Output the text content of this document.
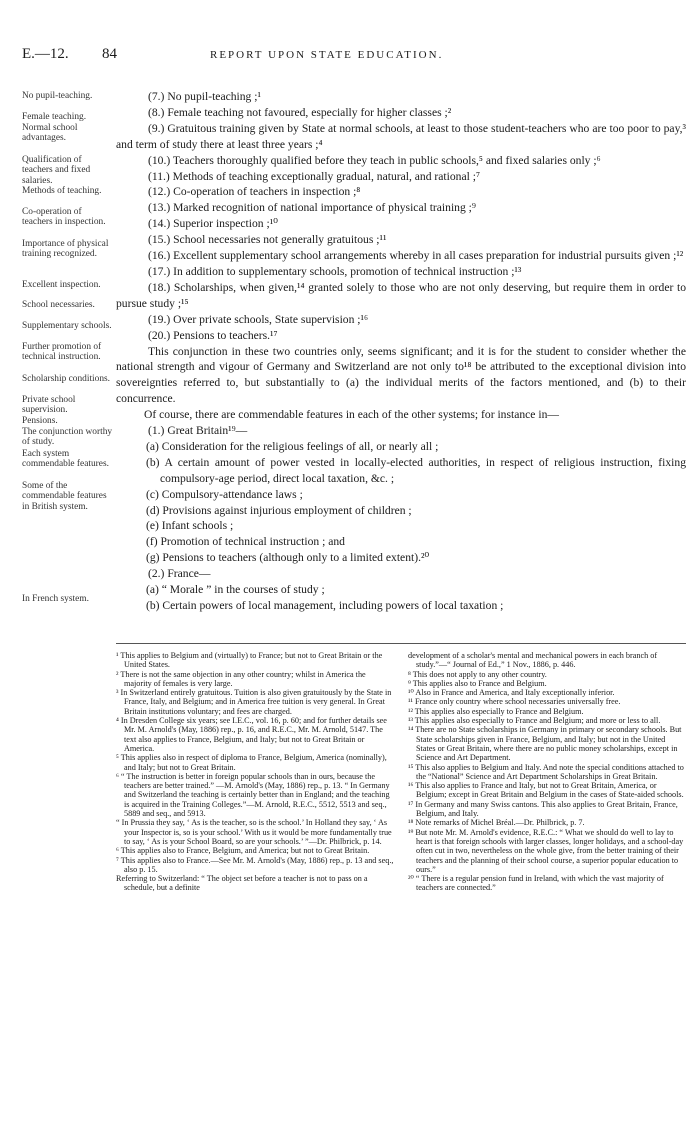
E.—12. 84	REPORT UPON STATE EDUCATION.
No pupil-teaching.
Female teaching.
Normal school advantages.
Qualification of teachers and fixed salaries.
Methods of teaching.
Co-operation of teachers in inspection.
Importance of physical training recognized.
Excellent inspection.
School necessaries.
Supplementary schools.
Further promotion of technical instruction.
Scholarship conditions.
Private school supervision.
Pensions.
The conjunction worthy of study.
Each system commendable features.
Some of the commendable features in British system.
In French system.

(7.) No pupil-teaching ;¹

(8.) Female teaching not favoured, especially for higher classes ;²

(9.) Gratuitous training given by State at normal schools, at least to those student-teachers who are too poor to pay,³ and term of study there at least three years ;⁴

(10.) Teachers thoroughly qualified before they teach in public schools,⁵ and fixed salaries only ;⁶

(11.) Methods of teaching exceptionally gradual, natural, and rational ;⁷

(12.) Co-operation of teachers in inspection ;⁸

(13.) Marked recognition of national importance of physical training ;⁹

(14.) Superior inspection ;¹⁰

(15.) School necessaries not generally gratuitous ;¹¹

(16.) Excellent supplementary school arrangements whereby in all cases preparation for industrial pursuits given ;¹²

(17.) In addition to supplementary schools, promotion of technical instruction ;¹³

(18.) Scholarships, when given,¹⁴ granted solely to those who are not only deserving, but require them in order to pursue study ;¹⁵

(19.) Over private schools, State supervision ;¹⁶

(20.) Pensions to teachers.¹⁷

This conjunction in these two countries only, seems significant; and it is for the student to consider whether the national strength and vigour of Germany and Switzerland are not only to¹⁸ be attributed to the exceptional division into sovereignties referred to, but substantially to (a) the individual merits of the factors mentioned, and (b) to their concurrence.

Of course, there are commendable features in each of the other systems; for instance in—

(1.) Great Britain¹⁹—

(a) Consideration for the religious feelings of all, or nearly all ;

(b) A certain amount of power vested in locally-elected authorities, in respect of religious instruction, fixing compulsory-age period, direct local taxation, &c. ;

(c) Compulsory-attendance laws ;

(d) Provisions against injurious employment of children ;

(e) Infant schools ;

(f) Promotion of technical instruction ; and

(g) Pensions to teachers (although only to a limited extent).²⁰

(2.) France—

(a) “ Morale ” in the courses of study ;

(b) Certain powers of local management, including powers of local taxation ;

¹ This applies to Belgium and (virtually) to France; but not to Great Britain or the United States.

² There is not the same objection in any other country; whilst in America the majority of females is very large.

³ In Switzerland entirely gratuitous. Tuition is also given gratuitously by the State in France, Italy, and Belgium; and in America free tuition is very general. In Great Britain institutions voluntary; and fees are charged.

⁴ In Dresden College six years; see I.E.C., vol. 16, p. 60; and for further details see Mr. M. Arnold's (May, 1886) rep., p. 16, and R.E.C., Mr. M. Arnold, 5147. The text also applies to France, Belgium, and Italy; but not to Great Britain or America.

⁵ This applies also in respect of diploma to France, Belgium, America (nominally), and Italy; but not to Great Britain.

⁶ “ The instruction is better in foreign popular schools than in ours, because the teachers are better trained.” —M. Arnold's (May, 1886) rep., p. 13. “ In Germany and Switzerland the teaching is certainly better than in England; and the teaching is acquired in the Training Colleges.”—M. Arnold, R.E.C., 5512, 5513 and seq., 5889 and seq., and 5913.

“ In Prussia they say, ‘ As is the teacher, so is the school.’ In Holland they say, ‘ As your Inspector is, so is your school.’ With us it would be more fundamentally true to say, ‘ As is your School Board, so are your schools.’ ”—Dr. Philbrick, p. 14.

⁶ This applies also to France, Belgium, and America; but not to Great Britain.

⁷ This applies also to France.—See Mr. M. Arnold's (May, 1886) rep., p. 13 and seq., also p. 15.

Referring to Switzerland: “ The object set before a teacher is not to pass on a schedule, but a definite

development of a scholar's mental and mechanical powers in each branch of study.”—“ Journal of Ed.,” 1 Nov., 1886, p. 446.

⁸ This does not apply to any other country.

⁹ This applies also to France and Belgium.

¹⁰ Also in France and America, and Italy exceptionally inferior.

¹¹ France only country where school necessaries universally free.

¹² This applies also especially to France and Belgium.

¹³ This applies also especially to France and Belgium; and more or less to all.

¹⁴ There are no State scholarships in Germany in primary or secondary schools. But State scholarships given in France, Belgium, and Italy; but not in the United States or Great Britain, where there are no public money scholarships, except in Science and Art Department.

¹⁵ This also applies to Belgium and Italy. And note the special conditions attached to the “National” Science and Art Department Scholarships in Great Britain.

¹⁶ This also applies to France and Italy, but not to Great Britain, America, or Belgium; except in Great Britain and Belgium in the cases of State-aided schools.

¹⁷ In Germany and many Swiss cantons. This also applies to Great Britain, France, Belgium, and Italy.

¹⁸ Note remarks of Michel Bréal.—Dr. Philbrick, p. 7.

¹⁹ But note Mr. M. Arnold's evidence, R.E.C.: “ What we should do well to lay to heart is that foreign schools with larger classes, longer holidays, and a school-day often cut in two, nevertheless on the whole give, from the better training of their teachers and the planning of their school course, a superior popular education to ours.”

²⁰ “ There is a regular pension fund in Ireland, with which the vast majority of teachers are connected.”
